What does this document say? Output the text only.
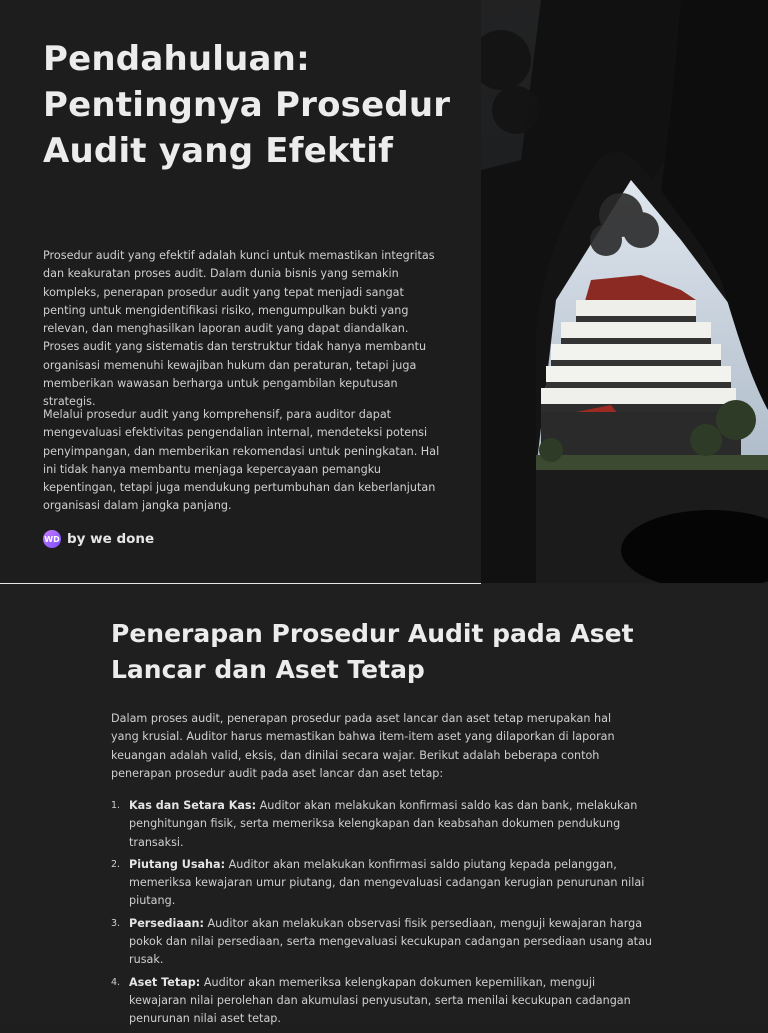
Pendahuluan: Pentingnya Prosedur Audit yang Efektif

Prosedur audit yang efektif adalah kunci untuk memastikan integritas dan keakuratan proses audit. Dalam dunia bisnis yang semakin kompleks, penerapan prosedur audit yang tepat menjadi sangat penting untuk mengidentifikasi risiko, mengumpulkan bukti yang relevan, dan menghasilkan laporan audit yang dapat diandalkan. Proses audit yang sistematis dan terstruktur tidak hanya membantu organisasi memenuhi kewajiban hukum dan peraturan, tetapi juga memberikan wawasan berharga untuk pengambilan keputusan strategis.

Melalui prosedur audit yang komprehensif, para auditor dapat mengevaluasi efektivitas pengendalian internal, mendeteksi potensi penyimpangan, dan memberikan rekomendasi untuk peningkatan. Hal ini tidak hanya membantu menjaga kepercayaan pemangku kepentingan, tetapi juga mendukung pertumbuhan dan keberlanjutan organisasi dalam jangka panjang.

WD by we done
Penerapan Prosedur Audit pada Aset Lancar dan Aset Tetap

Dalam proses audit, penerapan prosedur pada aset lancar dan aset tetap merupakan hal yang krusial. Auditor harus memastikan bahwa item-item aset yang dilaporkan di laporan keuangan adalah valid, eksis, dan dinilai secara wajar. Berikut adalah beberapa contoh penerapan prosedur audit pada aset lancar dan aset tetap:

1. Kas dan Setara Kas: Auditor akan melakukan konfirmasi saldo kas dan bank, melakukan penghitungan fisik, serta memeriksa kelengkapan dan keabsahan dokumen pendukung transaksi.
2. Piutang Usaha: Auditor akan melakukan konfirmasi saldo piutang kepada pelanggan, memeriksa kewajaran umur piutang, dan mengevaluasi cadangan kerugian penurunan nilai piutang.
3. Persediaan: Auditor akan melakukan observasi fisik persediaan, menguji kewajaran harga pokok dan nilai persediaan, serta mengevaluasi kecukupan cadangan persediaan usang atau rusak.
4. Aset Tetap: Auditor akan memeriksa kelengkapan dokumen kepemilikan, menguji kewajaran nilai perolehan dan akumulasi penyusutan, serta menilai kecukupan cadangan penurunan nilai aset tetap.
